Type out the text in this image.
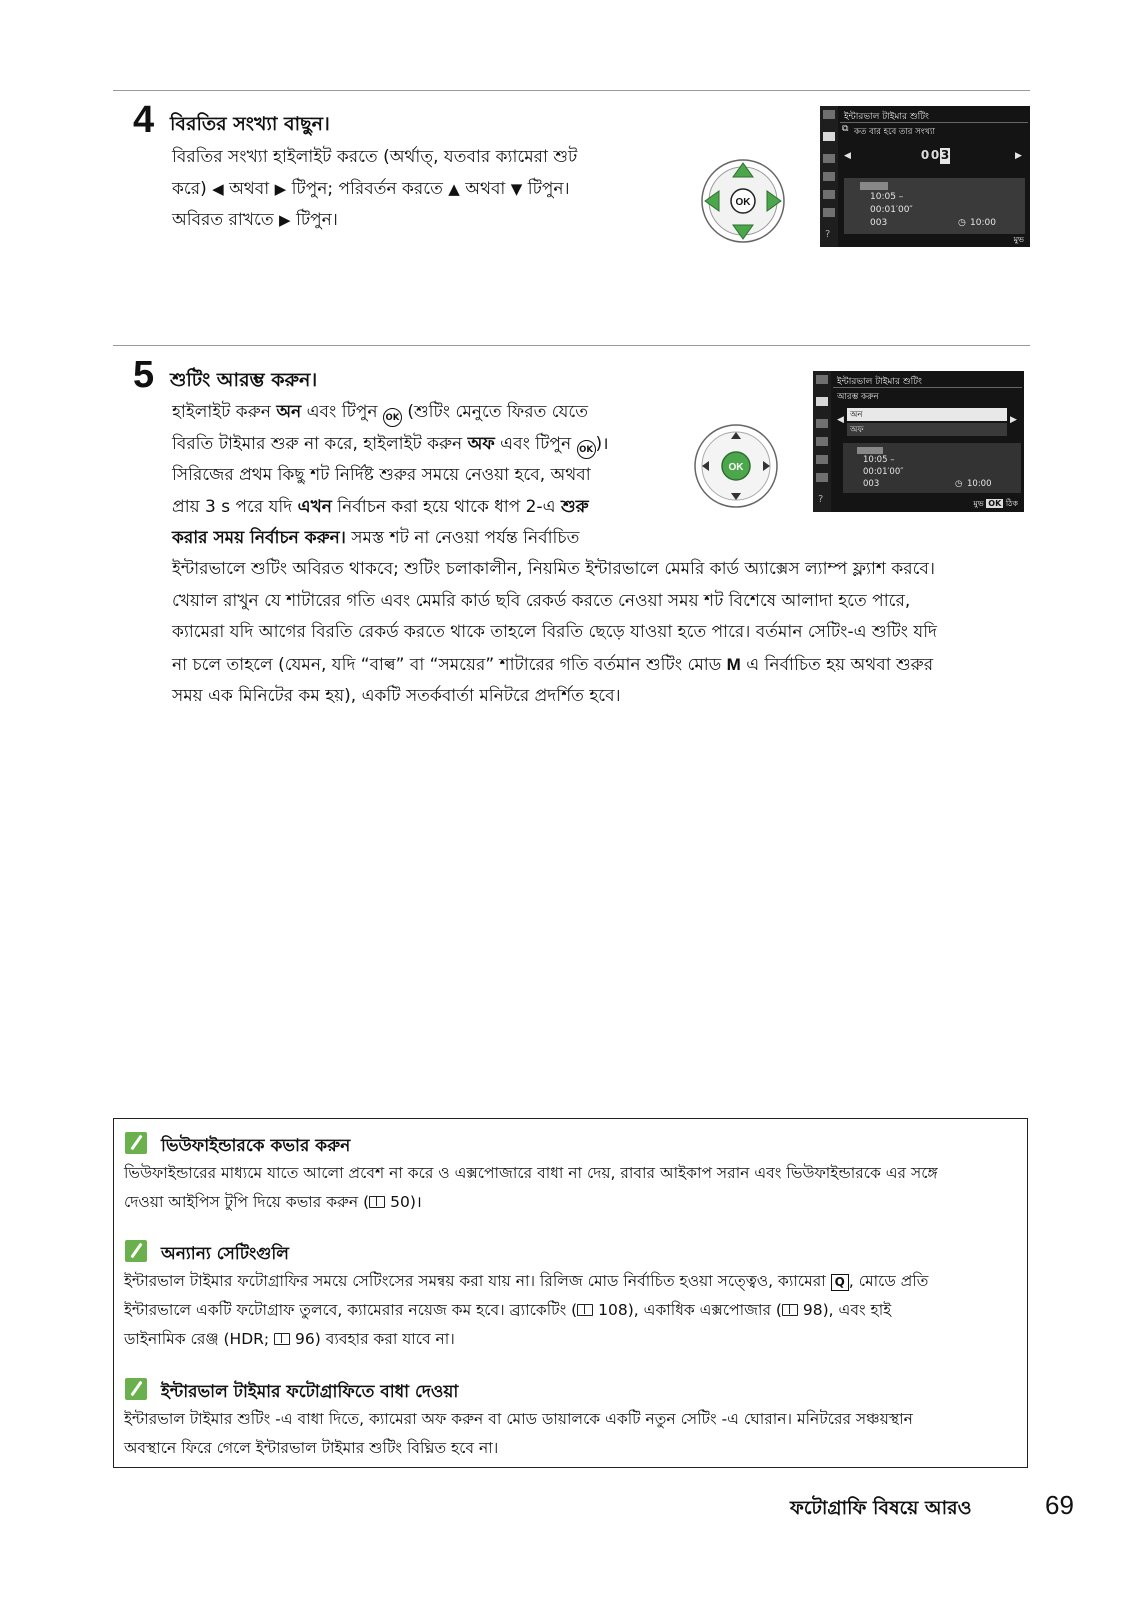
4 বিরতির সংখ্যা বাছুন।
বিরতির সংখ্যা হাইলাইট করতে (অর্থাত্, যতবার ক্যামেরা শুট
করে) ◀ অথবা ▶ টিপুন; পরিবর্তন করতে ▲ অথবা ▼ টিপুন।
অবিরত রাখতে ▶ টিপুন।
OK
?
ইন্টারভাল টাইমার শুটিং
কত বার হবে তার সংখ্যা
⧉
◀	▶
0 0 3
10:05 –
00:01′00″
003	◷ 10:00
মুভ
5 শুটিং আরম্ভ করুন।
হাইলাইট করুন অন এবং টিপুন OK (শুটিং মেনুতে ফিরত যেতে
বিরতি টাইমার শুরু না করে, হাইলাইট করুন অফ এবং টিপুন OK )।
সিরিজের প্রথম কিছু শট নির্দিষ্ট শুরুর সময়ে নেওয়া হবে, অথবা
প্রায় 3 s পরে যদি এখন নির্বাচন করা হয়ে থাকে ধাপ 2-এ শুরু
করার সময় নির্বাচন করুন। সমস্ত শট না নেওয়া পর্যন্ত নির্বাচিত
ইন্টারভালে শুটিং অবিরত থাকবে; শুটিং চলাকালীন, নিয়মিত ইন্টারভালে মেমরি কার্ড অ্যাক্সেস ল্যাম্প ফ্ল্যাশ করবে।
খেয়াল রাখুন যে শাটারের গতি এবং মেমরি কার্ড ছবি রেকর্ড করতে নেওয়া সময় শট বিশেষে আলাদা হতে পারে,
ক্যামেরা যদি আগের বিরতি রেকর্ড করতে থাকে তাহলে বিরতি ছেড়ে যাওয়া হতে পারে। বর্তমান সেটিং-এ শুটিং যদি
না চলে তাহলে (যেমন, যদি “বাল্ব” বা “সময়ের” শাটারের গতি বর্তমান শুটিং মোড M এ নির্বাচিত হয় অথবা শুরুর
সময় এক মিনিটের কম হয়), একটি সতর্কবার্তা মনিটরে প্রদর্শিত হবে।
OK
?
ইন্টারভাল টাইমার শুটিং
আরম্ভ করুন
◀	▶
অন
অফ
10:05 –
00:01′00″
003	◷ 10:00
মুভ OK ঠিক
ভিউফাইন্ডারকে কভার করুন
ভিউফাইন্ডারের মাধ্যমে যাতে আলো প্রবেশ না করে ও এক্সপোজারে বাধা না দেয়, রাবার আইকাপ সরান এবং ভিউফাইন্ডারকে এর সঙ্গে
দেওয়া আইপিস টুপি দিয়ে কভার করুন ( 50)।
অন্যান্য সেটিংগুলি
ইন্টারভাল টাইমার ফটোগ্রাফির সময়ে সেটিংসের সমন্বয় করা যায় না। রিলিজ মোড নির্বাচিত হওয়া সত্ত্বেও, ক্যামেরা Q , মোডে প্রতি
ইন্টারভালে একটি ফটোগ্রাফ তুলবে, ক্যামেরার নয়েজ কম হবে। ব্র্যাকেটিং ( 108), একাধিক এক্সপোজার ( 98), এবং হাই
ডাইনামিক রেঞ্জ (HDR; 96) ব্যবহার করা যাবে না।
ইন্টারভাল টাইমার ফটোগ্রাফিতে বাধা দেওয়া
ইন্টারভাল টাইমার শুটিং -এ বাধা দিতে, ক্যামেরা অফ করুন বা মোড ডায়ালকে একটি নতুন সেটিং -এ ঘোরান। মনিটরের সঞ্চয়স্থান
অবস্থানে ফিরে গেলে ইন্টারভাল টাইমার শুটিং বিঘ্নিত হবে না।
ফটোগ্রাফি বিষয়ে আরও	69
